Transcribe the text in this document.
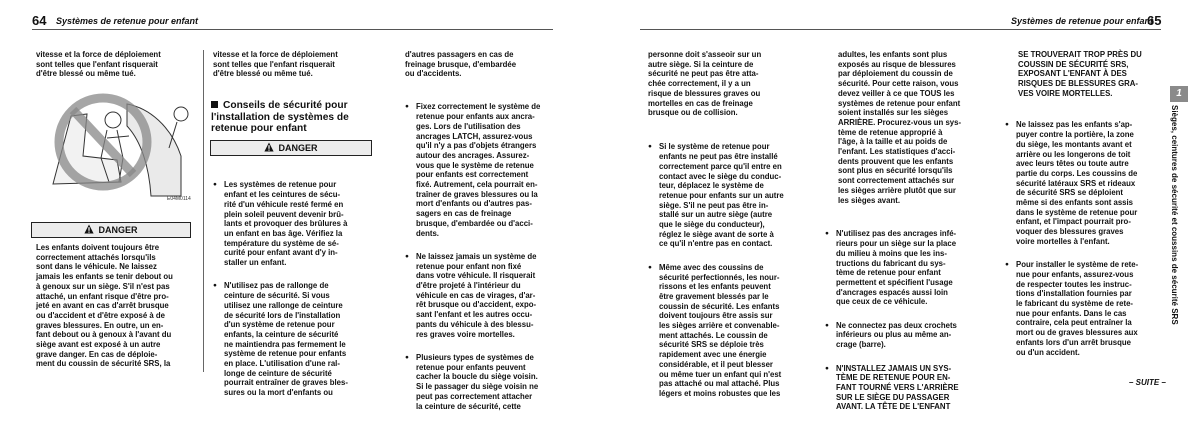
64 Systèmes de retenue pour enfant
vitesse et la force de déploiement
sont telles que l'enfant risquerait
d'être blessé ou même tué.
E04M0114
DANGER
Les enfants doivent toujours être
correctement attachés lorsqu'ils
sont dans le véhicule. Ne laissez
jamais les enfants se tenir debout ou
à genoux sur un siège. S'il n'est pas
attaché, un enfant risque d'être pro-
jeté en avant en cas d'arrêt brusque
ou d'accident et d'être exposé à de
graves blessures. En outre, un en-
fant debout ou à genoux à l'avant du
siège avant est exposé à un autre
grave danger. En cas de déploie-
ment du coussin de sécurité SRS, la
vitesse et la force de déploiement
sont telles que l'enfant risquerait
d'être blessé ou même tué.
Conseils de sécurité pour
l'installation de systèmes de
retenue pour enfant
DANGER

● Les systèmes de retenue pour
enfant et les ceintures de sécu-
rité d'un véhicule resté fermé en
plein soleil peuvent devenir brû-
lants et provoquer des brûlures à
un enfant en bas âge. Vérifiez la
température du système de sé-
curité pour enfant avant d'y in-
staller un enfant.

● N'utilisez pas de rallonge de
ceinture de sécurité. Si vous
utilisez une rallonge de ceinture
de sécurité lors de l'installation
d'un système de retenue pour
enfants, la ceinture de sécurité
ne maintiendra pas fermement le
système de retenue pour enfants
en place. L'utilisation d'une ral-
longe de ceinture de sécurité
pourrait entraîner de graves bles-
sures ou la mort d'enfants ou

d'autres passagers en cas de
freinage brusque, d'embardée
ou d'accidents.

● Fixez correctement le système de
retenue pour enfants aux ancra-
ges. Lors de l'utilisation des
ancrages LATCH, assurez-vous
qu'il n'y a pas d'objets étrangers
autour des ancrages. Assurez-
vous que le système de retenue
pour enfants est correctement
fixé. Autrement, cela pourrait en-
traîner de graves blessures ou la
mort d'enfants ou d'autres pas-
sagers en cas de freinage
brusque, d'embardée ou d'acci-
dents.

● Ne laissez jamais un système de
retenue pour enfant non fixé
dans votre véhicule. Il risquerait
d'être projeté à l'intérieur du
véhicule en cas de virages, d'ar-
rêt brusque ou d'accident, expo-
sant l'enfant et les autres occu-
pants du véhicule à des blessu-
res graves voire mortelles.

● Plusieurs types de systèmes de
retenue pour enfants peuvent
cacher la boucle du siège voisin.
Si le passager du siège voisin ne
peut pas correctement attacher
la ceinture de sécurité, cette

Systèmes de retenue pour enfant
65
personne doit s'asseoir sur un
autre siège. Si la ceinture de
sécurité ne peut pas être atta-
chée correctement, il y a un
risque de blessures graves ou
mortelles en cas de freinage
brusque ou de collision.

● Si le système de retenue pour
enfants ne peut pas être installé
correctement parce qu'il entre en
contact avec le siège du conduc-
teur, déplacez le système de
retenue pour enfants sur un autre
siège. S'il ne peut pas être in-
stallé sur un autre siège (autre
que le siège du conducteur),
réglez le siège avant de sorte à
ce qu'il n'entre pas en contact.

● Même avec des coussins de
sécurité perfectionnés, les nour-
rissons et les enfants peuvent
être gravement blessés par le
coussin de sécurité. Les enfants
doivent toujours être assis sur
les sièges arrière et convenable-
ment attachés. Le coussin de
sécurité SRS se déploie très
rapidement avec une énergie
considérable, et il peut blesser
ou même tuer un enfant qui n'est
pas attaché ou mal attaché. Plus
légers et moins robustes que les

adultes, les enfants sont plus
exposés au risque de blessures
par déploiement du coussin de
sécurité. Pour cette raison, vous
devez veiller à ce que TOUS les
systèmes de retenue pour enfant
soient installés sur les sièges
ARRIÈRE. Procurez-vous un sys-
tème de retenue approprié à
l'âge, à la taille et au poids de
l'enfant. Les statistiques d'acci-
dents prouvent que les enfants
sont plus en sécurité lorsqu'ils
sont correctement attachés sur
les sièges arrière plutôt que sur
les sièges avant.

● N'utilisez pas des ancrages infé-
rieurs pour un siège sur la place
du milieu à moins que les ins-
tructions du fabricant du sys-
tème de retenue pour enfant
permettent et spécifient l'usage
d'ancrages espacés aussi loin
que ceux de ce véhicule.

● Ne connectez pas deux crochets
inférieurs ou plus au même an-
crage (barre).

● N'INSTALLEZ JAMAIS UN SYS-
TÈME DE RETENUE POUR EN-
FANT TOURNÉ VERS L'ARRIÈRE
SUR LE SIÈGE DU PASSAGER
AVANT. LA TÊTE DE L'ENFANT

SE TROUVERAIT TROP PRÈS DU
COUSSIN DE SÉCURITÉ SRS,
EXPOSANT L'ENFANT À DES
RISQUES DE BLESSURES GRA-
VES VOIRE MORTELLES.

● Ne laissez pas les enfants s'ap-
puyer contre la portière, la zone
du siège, les montants avant et
arrière ou les longerons de toit
avec leurs têtes ou toute autre
partie du corps. Les coussins de
sécurité latéraux SRS et rideaux
de sécurité SRS se déploient
même si des enfants sont assis
dans le système de retenue pour
enfant, et l'impact pourrait pro-
voquer des blessures graves
voire mortelles à l'enfant.

● Pour installer le système de rete-
nue pour enfants, assurez-vous
de respecter toutes les instruc-
tions d'installation fournies par
le fabricant du système de rete-
nue pour enfants. Dans le cas
contraire, cela peut entraîner la
mort ou de graves blessures aux
enfants lors d'un arrêt brusque
ou d'un accident.

1
Sièges, ceintures de sécurité et coussins de sécurité SRS
– SUITE –
